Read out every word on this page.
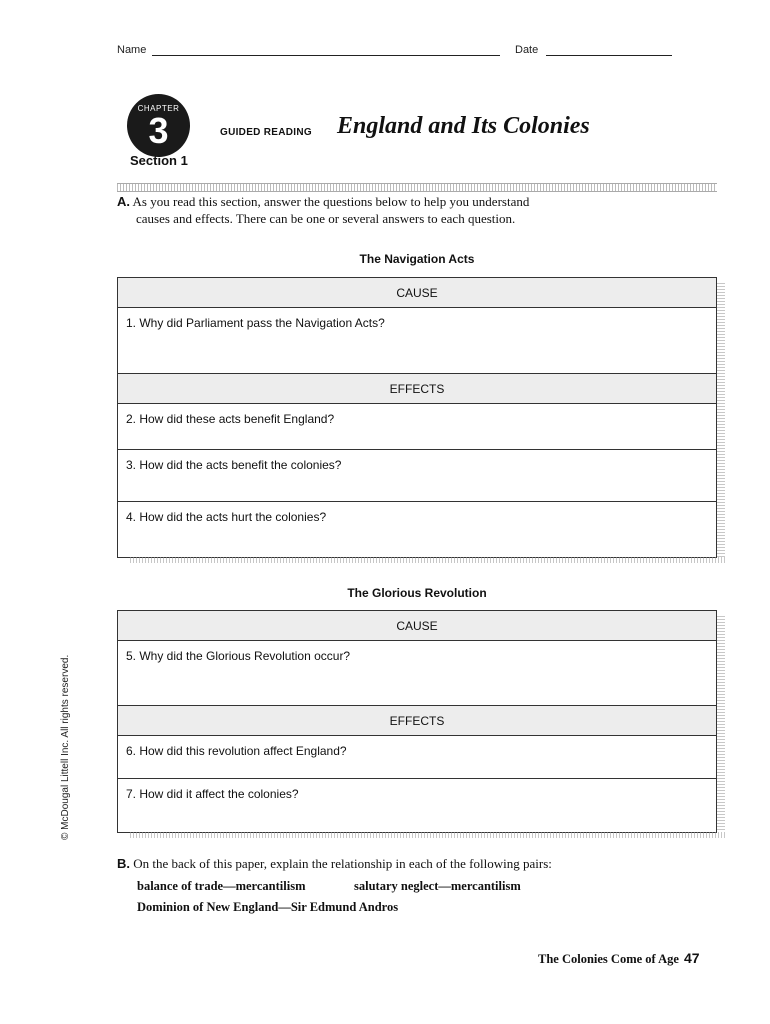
Name	Date
CHAPTER
3
Section 1
GUIDED READING England and Its Colonies
A. As you read this section, answer the questions below to help you understand
causes and effects. There can be one or several answers to each question.
The Navigation Acts
CAUSE
1. Why did Parliament pass the Navigation Acts?
EFFECTS
2. How did these acts benefit England?
3. How did the acts benefit the colonies?
4. How did the acts hurt the colonies?
The Glorious Revolution
CAUSE
5. Why did the Glorious Revolution occur?
EFFECTS
6. How did this revolution affect England?
7. How did it affect the colonies?
© McDougal Littell Inc. All rights reserved.
B. On the back of this paper, explain the relationship in each of the following pairs:
balance of trade—mercantilism	salutary neglect—mercantilism
Dominion of New England—Sir Edmund Andros
The Colonies Come of Age 47
